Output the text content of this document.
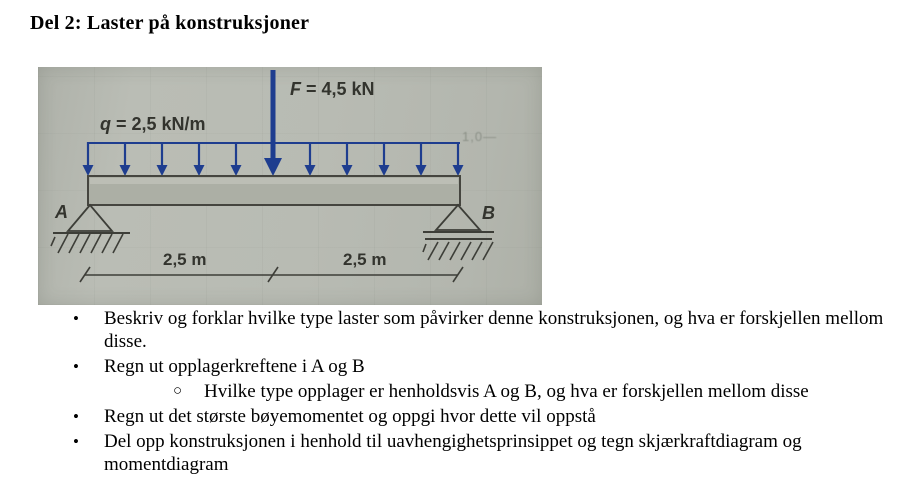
Del 2: Laster på konstruksjoner
q = 2,5 kN/m
F = 4,5 kN
A	B
2,5 m	2,5 m
1,0—
•	Beskriv og forklar hvilke type laster som påvirker denne konstruksjonen, og hva er forskjellen mellom disse.
•	Regn ut opplagerkreftene i A og B
○	Hvilke type opplager er henholdsvis A og B, og hva er forskjellen mellom disse
•	Regn ut det største bøyemomentet og oppgi hvor dette vil oppstå
•	Del opp konstruksjonen i henhold til uavhengighetsprinsippet og tegn skjærkraftdiagram og momentdiagram
